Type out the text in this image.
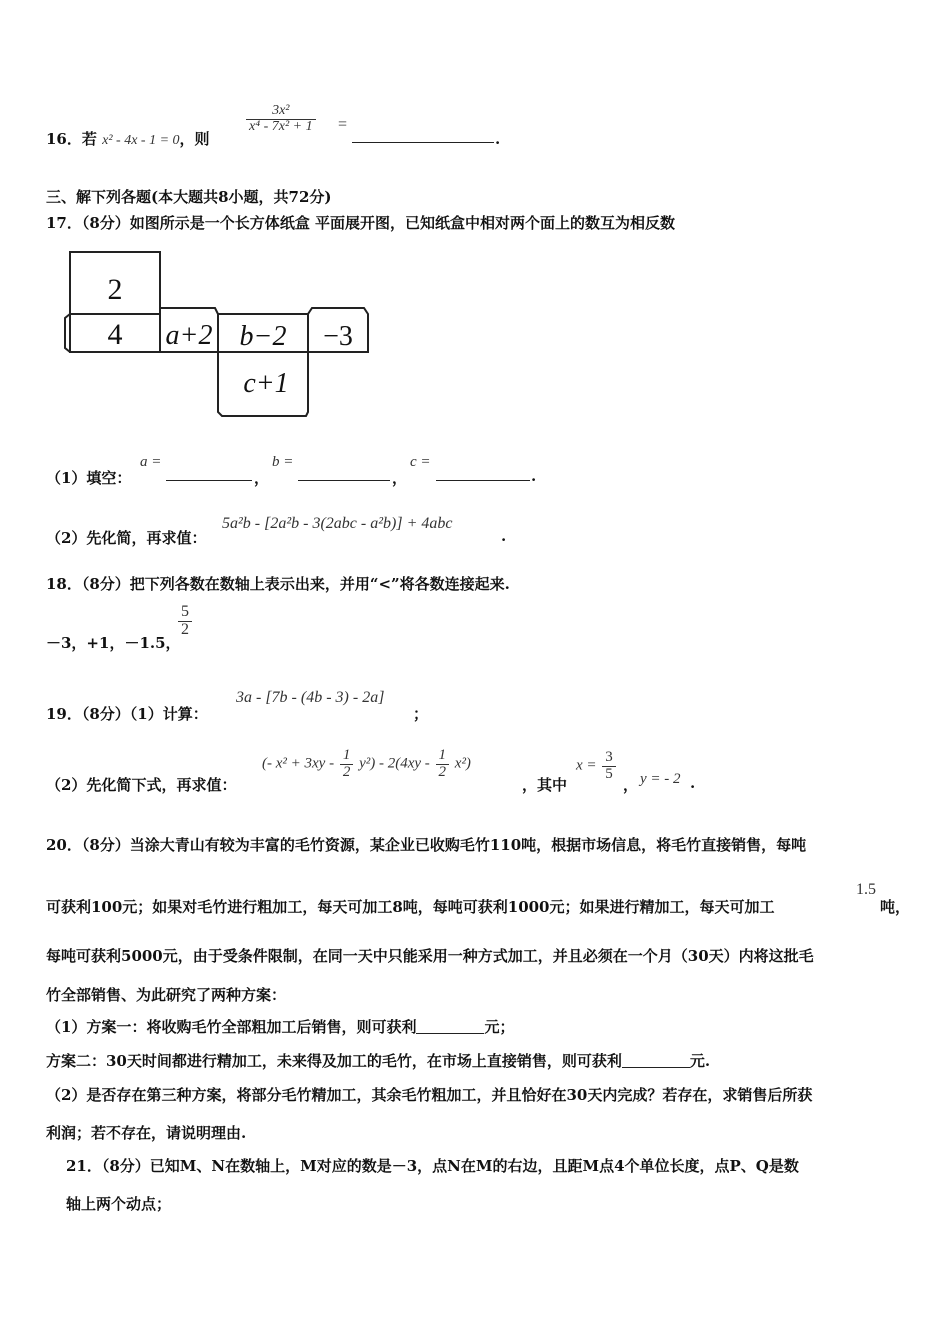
16．若 x² - 4x - 1 = 0，则
$\frac{\text{3x²}}{\text{x⁴ - 7x² + 1}}$ =
.
三、解下列各题(本大题共8小题，共72分)
17．（8分）如图所示是一个长方体纸盒 平面展开图，已知纸盒中相对两个面上的数互为相反数
2
4 a+2 b−2 −3
c+1
（1）填空：
a =
，
b =
，
c =
.
（2）先化简，再求值：
5a²b - [2a²b - 3(2abc - a²b)] + 4abc
.
18．（8分）把下列各数在数轴上表示出来，并用“<”将各数连接起来.
－3，+1，－1.5，
$\frac{5}{2}$
19．（8分）（1）计算：
3a - [7b - (4b - 3) - 2a]
；
（2）先化简下式，再求值：
(- $x^2 + 3xy - \frac{1}{2} y^2) - 2(4xy - \frac{1}{2} x^2)$
，其中
$x = \frac{3}{5}$
， y = - 2 .
20．（8分）当涂大青山有较为丰富的毛竹资源，某企业已收购毛竹110吨，根据市场信息，将毛竹直接销售，每吨
可获利100元；如果对毛竹进行粗加工，每天可加工8吨，每吨可获利1000元；如果进行精加工，每天可加工
1.5
吨，
每吨可获利5000元，由于受条件限制，在同一天中只能采用一种方式加工，并且必须在一个月（30天）内将这批毛
竹全部销售、为此研究了两种方案：
（1）方案一：将收购毛竹全部粗加工后销售，则可获利	元；
方案二：30天时间都进行精加工，未来得及加工的毛竹，在市场上直接销售，则可获利	元.
（2）是否存在第三种方案，将部分毛竹精加工，其余毛竹粗加工，并且恰好在30天内完成？若存在，求销售后所获
利润；若不存在，请说明理由.
21．（8分）已知M、N在数轴上，M对应的数是－3，点N在M的右边，且距M点4个单位长度，点P、Q是数
轴上两个动点；
